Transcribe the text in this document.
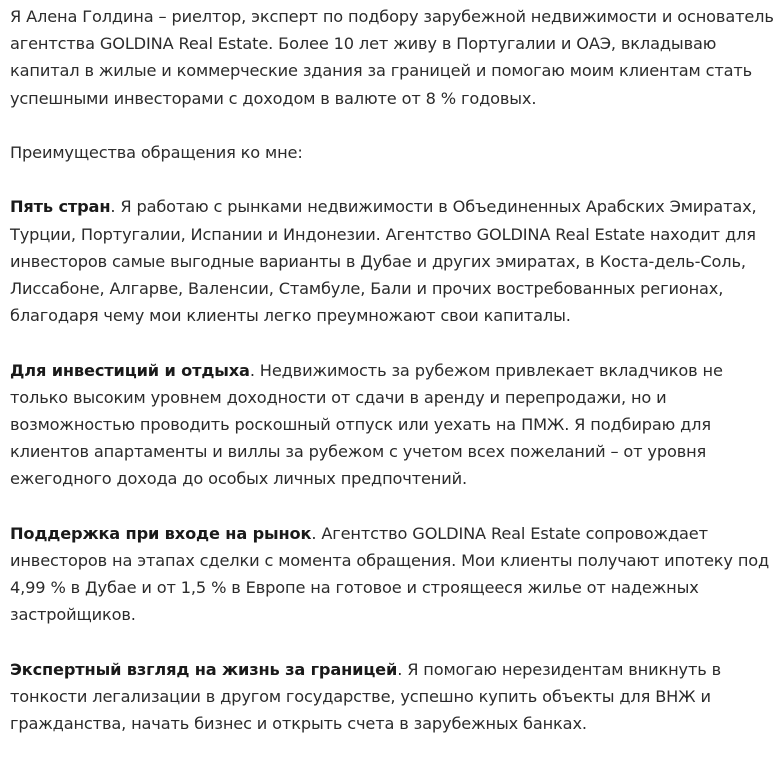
Я Алена Голдина – риелтор, эксперт по подбору зарубежной недвижимости и основатель агентства GOLDINA Real Estate. Более 10 лет живу в Португалии и ОАЭ, вкладываю капитал в жилые и коммерческие здания за границей и помогаю моим клиентам стать успешными инвесторами с доходом в валюте от 8 % годовых.

Преимущества обращения ко мне:

Пять стран. Я работаю с рынками недвижимости в Объединенных Арабских Эмиратах, Турции, Португалии, Испании и Индонезии. Агентство GOLDINA Real Estate находит для инвесторов самые выгодные варианты в Дубае и других эмиратах, в Коста-дель-Соль, Лиссабоне, Алгарве, Валенсии, Стамбуле, Бали и прочих востребованных регионах, благодаря чему мои клиенты легко преумножают свои капиталы.

Для инвестиций и отдыха. Недвижимость за рубежом привлекает вкладчиков не только высоким уровнем доходности от сдачи в аренду и перепродажи, но и возможностью проводить роскошный отпуск или уехать на ПМЖ. Я подбираю для клиентов апартаменты и виллы за рубежом с учетом всех пожеланий – от уровня ежегодного дохода до особых личных предпочтений.

Поддержка при входе на рынок. Агентство GOLDINA Real Estate сопровождает инвесторов на этапах сделки с момента обращения. Мои клиенты получают ипотеку под 4,99 % в Дубае и от 1,5 % в Европе на готовое и строящееся жилье от надежных застройщиков.

Экспертный взгляд на жизнь за границей. Я помогаю нерезидентам вникнуть в тонкости легализации в другом государстве, успешно купить объекты для ВНЖ и гражданства, начать бизнес и открыть счета в зарубежных банках.
